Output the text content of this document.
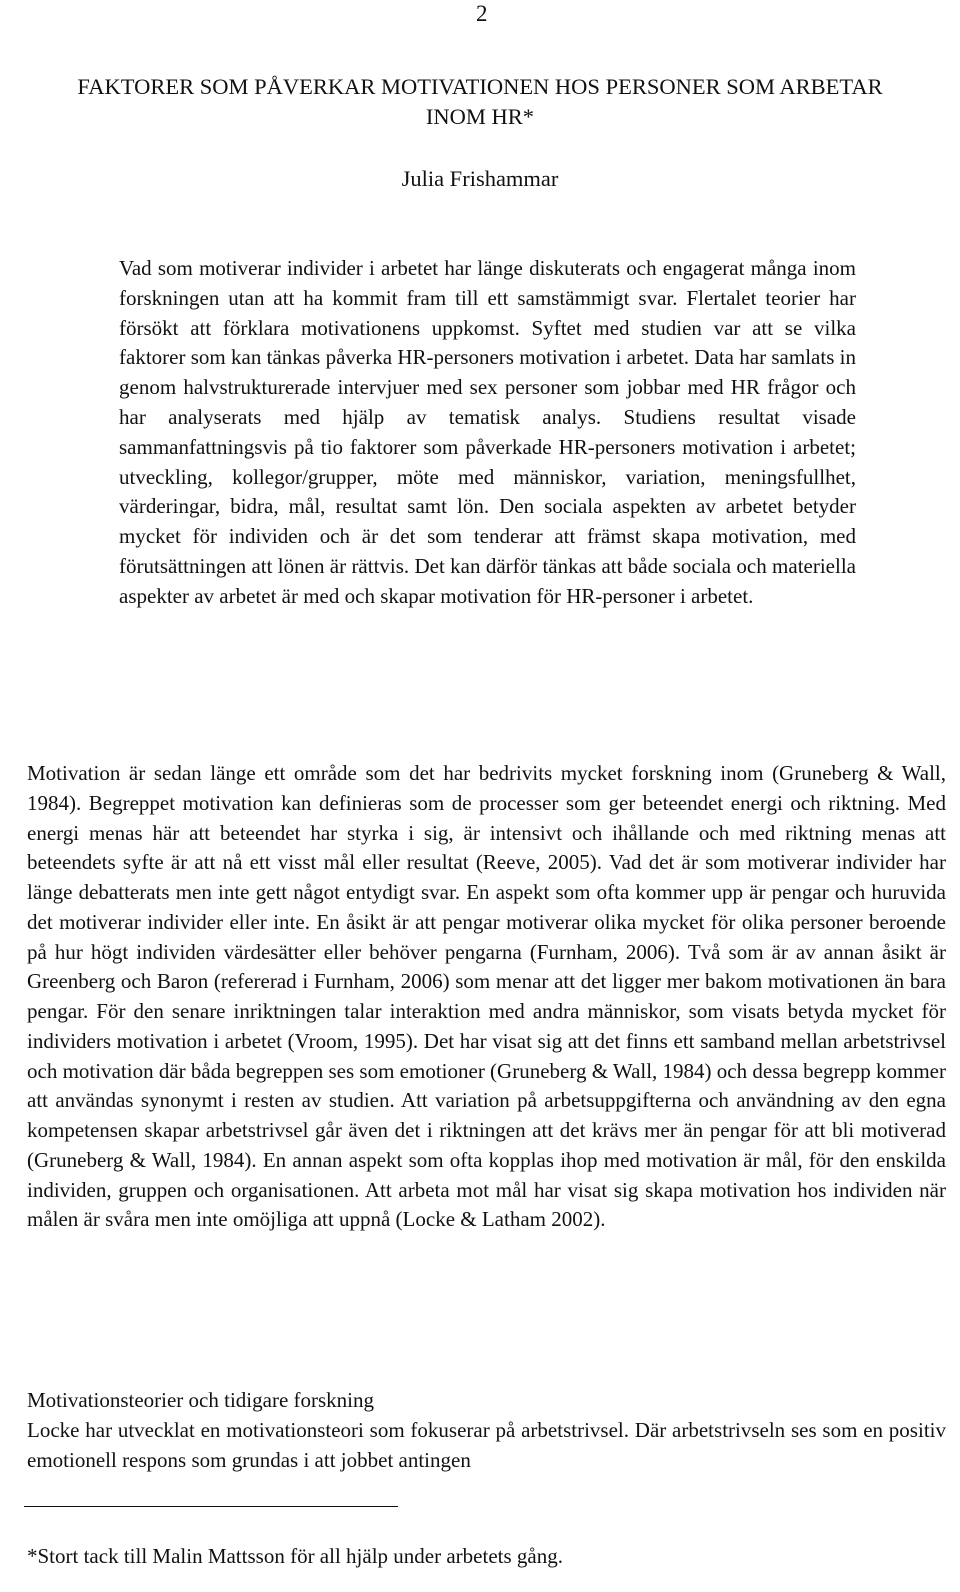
2
FAKTORER SOM PÅVERKAR MOTIVATIONEN HOS PERSONER SOM ARBETAR
INOM HR*
Julia Frishammar

Vad som motiverar individer i arbetet har länge diskuterats och engagerat många inom forskningen utan att ha kommit fram till ett samstämmigt svar. Flertalet teorier har försökt att förklara motivationens uppkomst. Syftet med studien var att se vilka faktorer som kan tänkas påverka HR-personers motivation i arbetet. Data har samlats in genom halvstrukturerade intervjuer med sex personer som jobbar med HR frågor och har analyserats med hjälp av tematisk analys. Studiens resultat visade sammanfattningsvis på tio faktorer som påverkade HR-personers motivation i arbetet; utveckling, kollegor/grupper, möte med människor, variation, meningsfullhet, värderingar, bidra, mål, resultat samt lön. Den sociala aspekten av arbetet betyder mycket för individen och är det som tenderar att främst skapa motivation, med förutsättningen att lönen är rättvis. Det kan därför tänkas att både sociala och materiella aspekter av arbetet är med och skapar motivation för HR-personer i arbetet.

Motivation är sedan länge ett område som det har bedrivits mycket forskning inom (Gruneberg & Wall, 1984). Begreppet motivation kan definieras som de processer som ger beteendet energi och riktning. Med energi menas här att beteendet har styrka i sig, är intensivt och ihållande och med riktning menas att beteendets syfte är att nå ett visst mål eller resultat (Reeve, 2005). Vad det är som motiverar individer har länge debatterats men inte gett något entydigt svar. En aspekt som ofta kommer upp är pengar och huruvida det motiverar individer eller inte. En åsikt är att pengar motiverar olika mycket för olika personer beroende på hur högt individen värdesätter eller behöver pengarna (Furnham, 2006). Två som är av annan åsikt är Greenberg och Baron (refererad i Furnham, 2006) som menar att det ligger mer bakom motivationen än bara pengar. För den senare inriktningen talar interaktion med andra människor, som visats betyda mycket för individers motivation i arbetet (Vroom, 1995). Det har visat sig att det finns ett samband mellan arbetstrivsel och motivation där båda begreppen ses som emotioner (Gruneberg & Wall, 1984) och dessa begrepp kommer att användas synonymt i resten av studien. Att variation på arbetsuppgifterna och användning av den egna kompetensen skapar arbetstrivsel går även det i riktningen att det krävs mer än pengar för att bli motiverad (Gruneberg & Wall, 1984). En annan aspekt som ofta kopplas ihop med motivation är mål, för den enskilda individen, gruppen och organisationen. Att arbeta mot mål har visat sig skapa motivation hos individen när målen är svåra men inte omöjliga att uppnå (Locke & Latham 2002).

Motivationsteorier och tidigare forskning

Locke har utvecklat en motivationsteori som fokuserar på arbetstrivsel. Där arbetstrivseln ses som en positiv emotionell respons som grundas i att jobbet antingen

*Stort tack till Malin Mattsson för all hjälp under arbetets gång.
